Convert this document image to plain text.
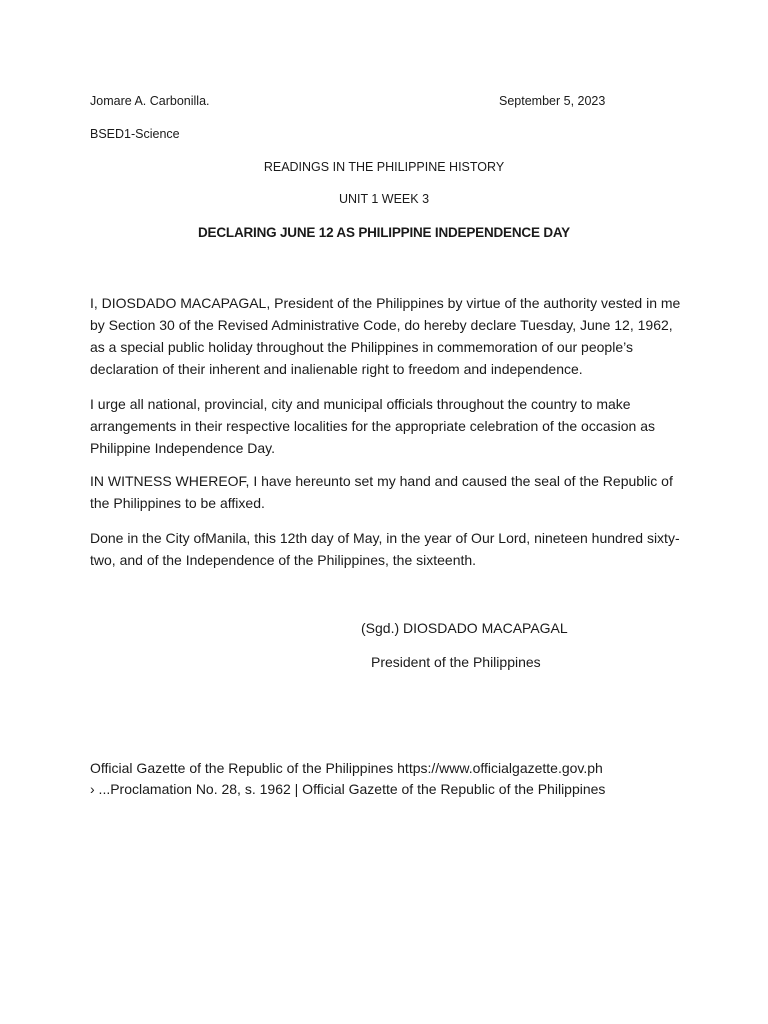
Jomare A. Carbonilla.	September 5, 2023
BSED1-Science
READINGS IN THE PHILIPPINE HISTORY
UNIT 1 WEEK 3
DECLARING JUNE 12 AS PHILIPPINE INDEPENDENCE DAY

I, DIOSDADO MACAPAGAL, President of the Philippines by virtue of the authority vested in me by Section 30 of the Revised Administrative Code, do hereby declare Tuesday, June 12, 1962, as a special public holiday throughout the Philippines in commemoration of our people’s declaration of their inherent and inalienable right to freedom and independence.

I urge all national, provincial, city and municipal officials throughout the country to make arrangements in their respective localities for the appropriate celebration of the occasion as Philippine Independence Day.

IN WITNESS WHEREOF, I have hereunto set my hand and caused the seal of the Republic of the Philippines to be affixed.

Done in the City ofManila, this 12th day of May, in the year of Our Lord, nineteen hundred sixty-two, and of the Independence of the Philippines, the sixteenth.

(Sgd.) DIOSDADO MACAPAGAL
President of the Philippines
Official Gazette of the Republic of the Philippines https://www.officialgazette.gov.ph
› ...Proclamation No. 28, s. 1962 | Official Gazette of the Republic of the Philippines
